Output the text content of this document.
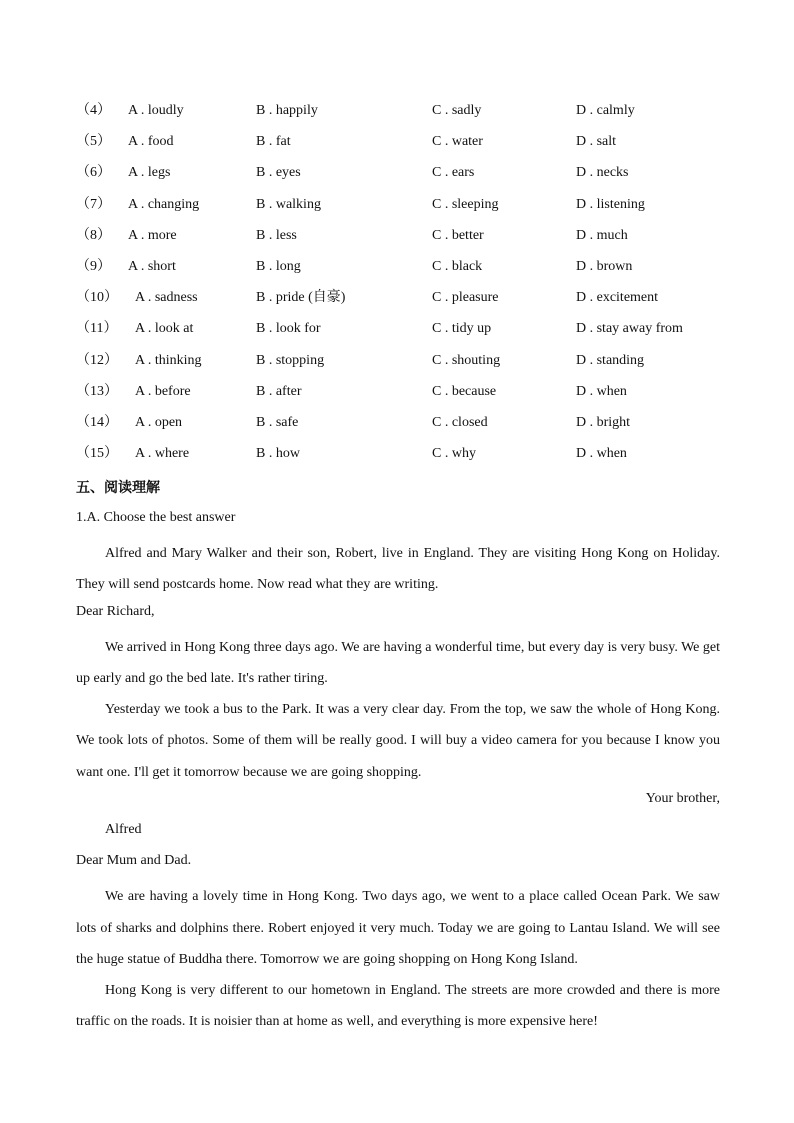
（4） A . loudly	B . happily	C . sadly	D . calmly
（5） A . food	B . fat	C . water	D . salt
（6） A . legs	B . eyes	C . ears	D . necks
（7） A . changing	B . walking	C . sleeping	D . listening
（8） A . more	B . less	C . better	D . much
（9） A . short	B . long	C . black	D . brown
（10） A . sadness	B . pride (自豪)	C . pleasure	D . excitement
（11） A . look at	B . look for	C . tidy up	D . stay away from
（12） A . thinking	B . stopping	C . shouting	D . standing
（13） A . before	B . after	C . because	D . when
（14） A . open	B . safe	C . closed	D . bright
（15） A . where	B . how	C . why	D . when
五、阅读理解
1.A. Choose the best answer

Alfred and Mary Walker and their son, Robert, live in England. They are visiting Hong Kong on Holiday. They will send postcards home. Now read what they are writing.

Dear Richard,

We arrived in Hong Kong three days ago. We are having a wonderful time, but every day is very busy. We get up early and go the bed late. It's rather tiring.

Yesterday we took a bus to the Park. It was a very clear day. From the top, we saw the whole of Hong Kong. We took lots of photos. Some of them will be really good. I will buy a video camera for you because I know you want one. I'll get it tomorrow because we are going shopping.

Your brother,
Alfred
Dear Mum and Dad.

We are having a lovely time in Hong Kong. Two days ago, we went to a place called Ocean Park. We saw lots of sharks and dolphins there. Robert enjoyed it very much. Today we are going to Lantau Island. We will see the huge statue of Buddha there. Tomorrow we are going shopping on Hong Kong Island.

Hong Kong is very different to our hometown in England. The streets are more crowded and there is more traffic on the roads. It is noisier than at home as well, and everything is more expensive here!
